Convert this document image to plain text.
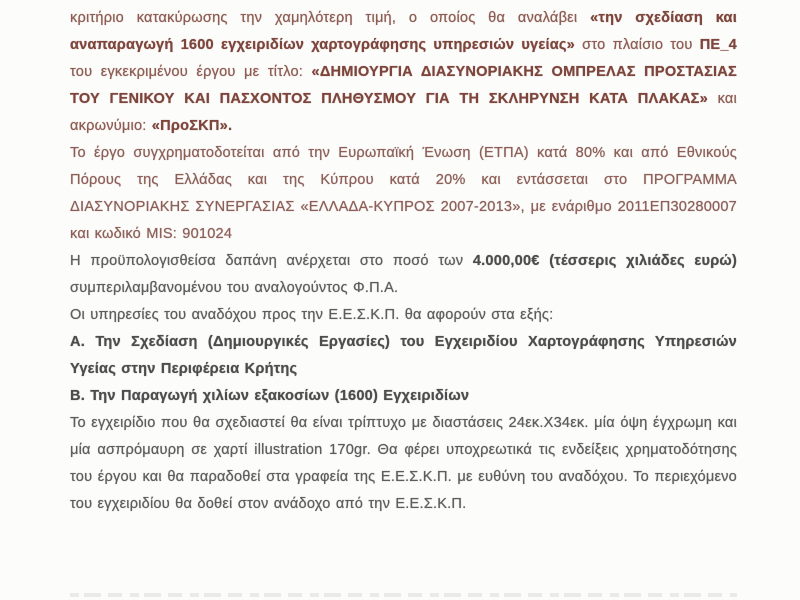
κριτήριο κατακύρωσης την χαμηλότερη τιμή, ο οποίος θα αναλάβει «την σχεδίαση και αναπαραγωγή 1600 εγχειριδίων χαρτογράφησης υπηρεσιών υγείας» στο πλαίσιο του ΠΕ_4 του εγκεκριμένου έργου με τίτλο: «ΔΗΜΙΟΥΡΓΙΑ ΔΙΑΣΥΝΟΡΙΑΚΗΣ ΟΜΠΡΕΛΑΣ ΠΡΟΣΤΑΣΙΑΣ ΤΟΥ ΓΕΝΙΚΟΥ ΚΑΙ ΠΑΣΧΟΝΤΟΣ ΠΛΗΘΥΣΜΟΥ ΓΙΑ ΤΗ ΣΚΛΗΡΥΝΣΗ ΚΑΤΑ ΠΛΑΚΑΣ» και ακρωνύμιο: «ΠροΣΚΠ».

Το έργο συγχρηματοδοτείται από την Ευρωπαϊκή Ένωση (ΕΤΠΑ) κατά 80% και από Εθνικούς Πόρους της Ελλάδας και της Κύπρου κατά 20% και εντάσσεται στο ΠΡΟΓΡΑΜΜΑ ΔΙΑΣΥΝΟΡΙΑΚΗΣ ΣΥΝΕΡΓΑΣΙΑΣ «ΕΛΛΑΔΑ-ΚΥΠΡΟΣ 2007-2013», με ενάριθμο 2011ΕΠ30280007 και κωδικό MIS: 901024

Η προϋπολογισθείσα δαπάνη ανέρχεται στο ποσό των 4.000,00€ (τέσσερις χιλιάδες ευρώ) συμπεριλαμβανομένου του αναλογούντος Φ.Π.Α.

Οι υπηρεσίες του αναδόχου προς την Ε.Ε.Σ.Κ.Π. θα αφορούν στα εξής:
Α. Την Σχεδίαση (Δημιουργικές Εργασίες) του Εγχειριδίου Χαρτογράφησης Υπηρεσιών Υγείας στην Περιφέρεια Κρήτης
Β. Την Παραγωγή χιλίων εξακοσίων (1600) Εγχειριδίων

Το εγχειρίδιο που θα σχεδιαστεί θα είναι τρίπτυχο με διαστάσεις 24εκ.Χ34εκ. μία όψη έγχρωμη και μία ασπρόμαυρη σε χαρτί illustration 170gr. Θα φέρει υποχρεωτικά τις ενδείξεις χρηματοδότησης του έργου και θα παραδοθεί στα γραφεία της Ε.Ε.Σ.Κ.Π. με ευθύνη του αναδόχου. Το περιεχόμενο του εγχειριδίου θα δοθεί στον ανάδοχο από την Ε.Ε.Σ.Κ.Π.
